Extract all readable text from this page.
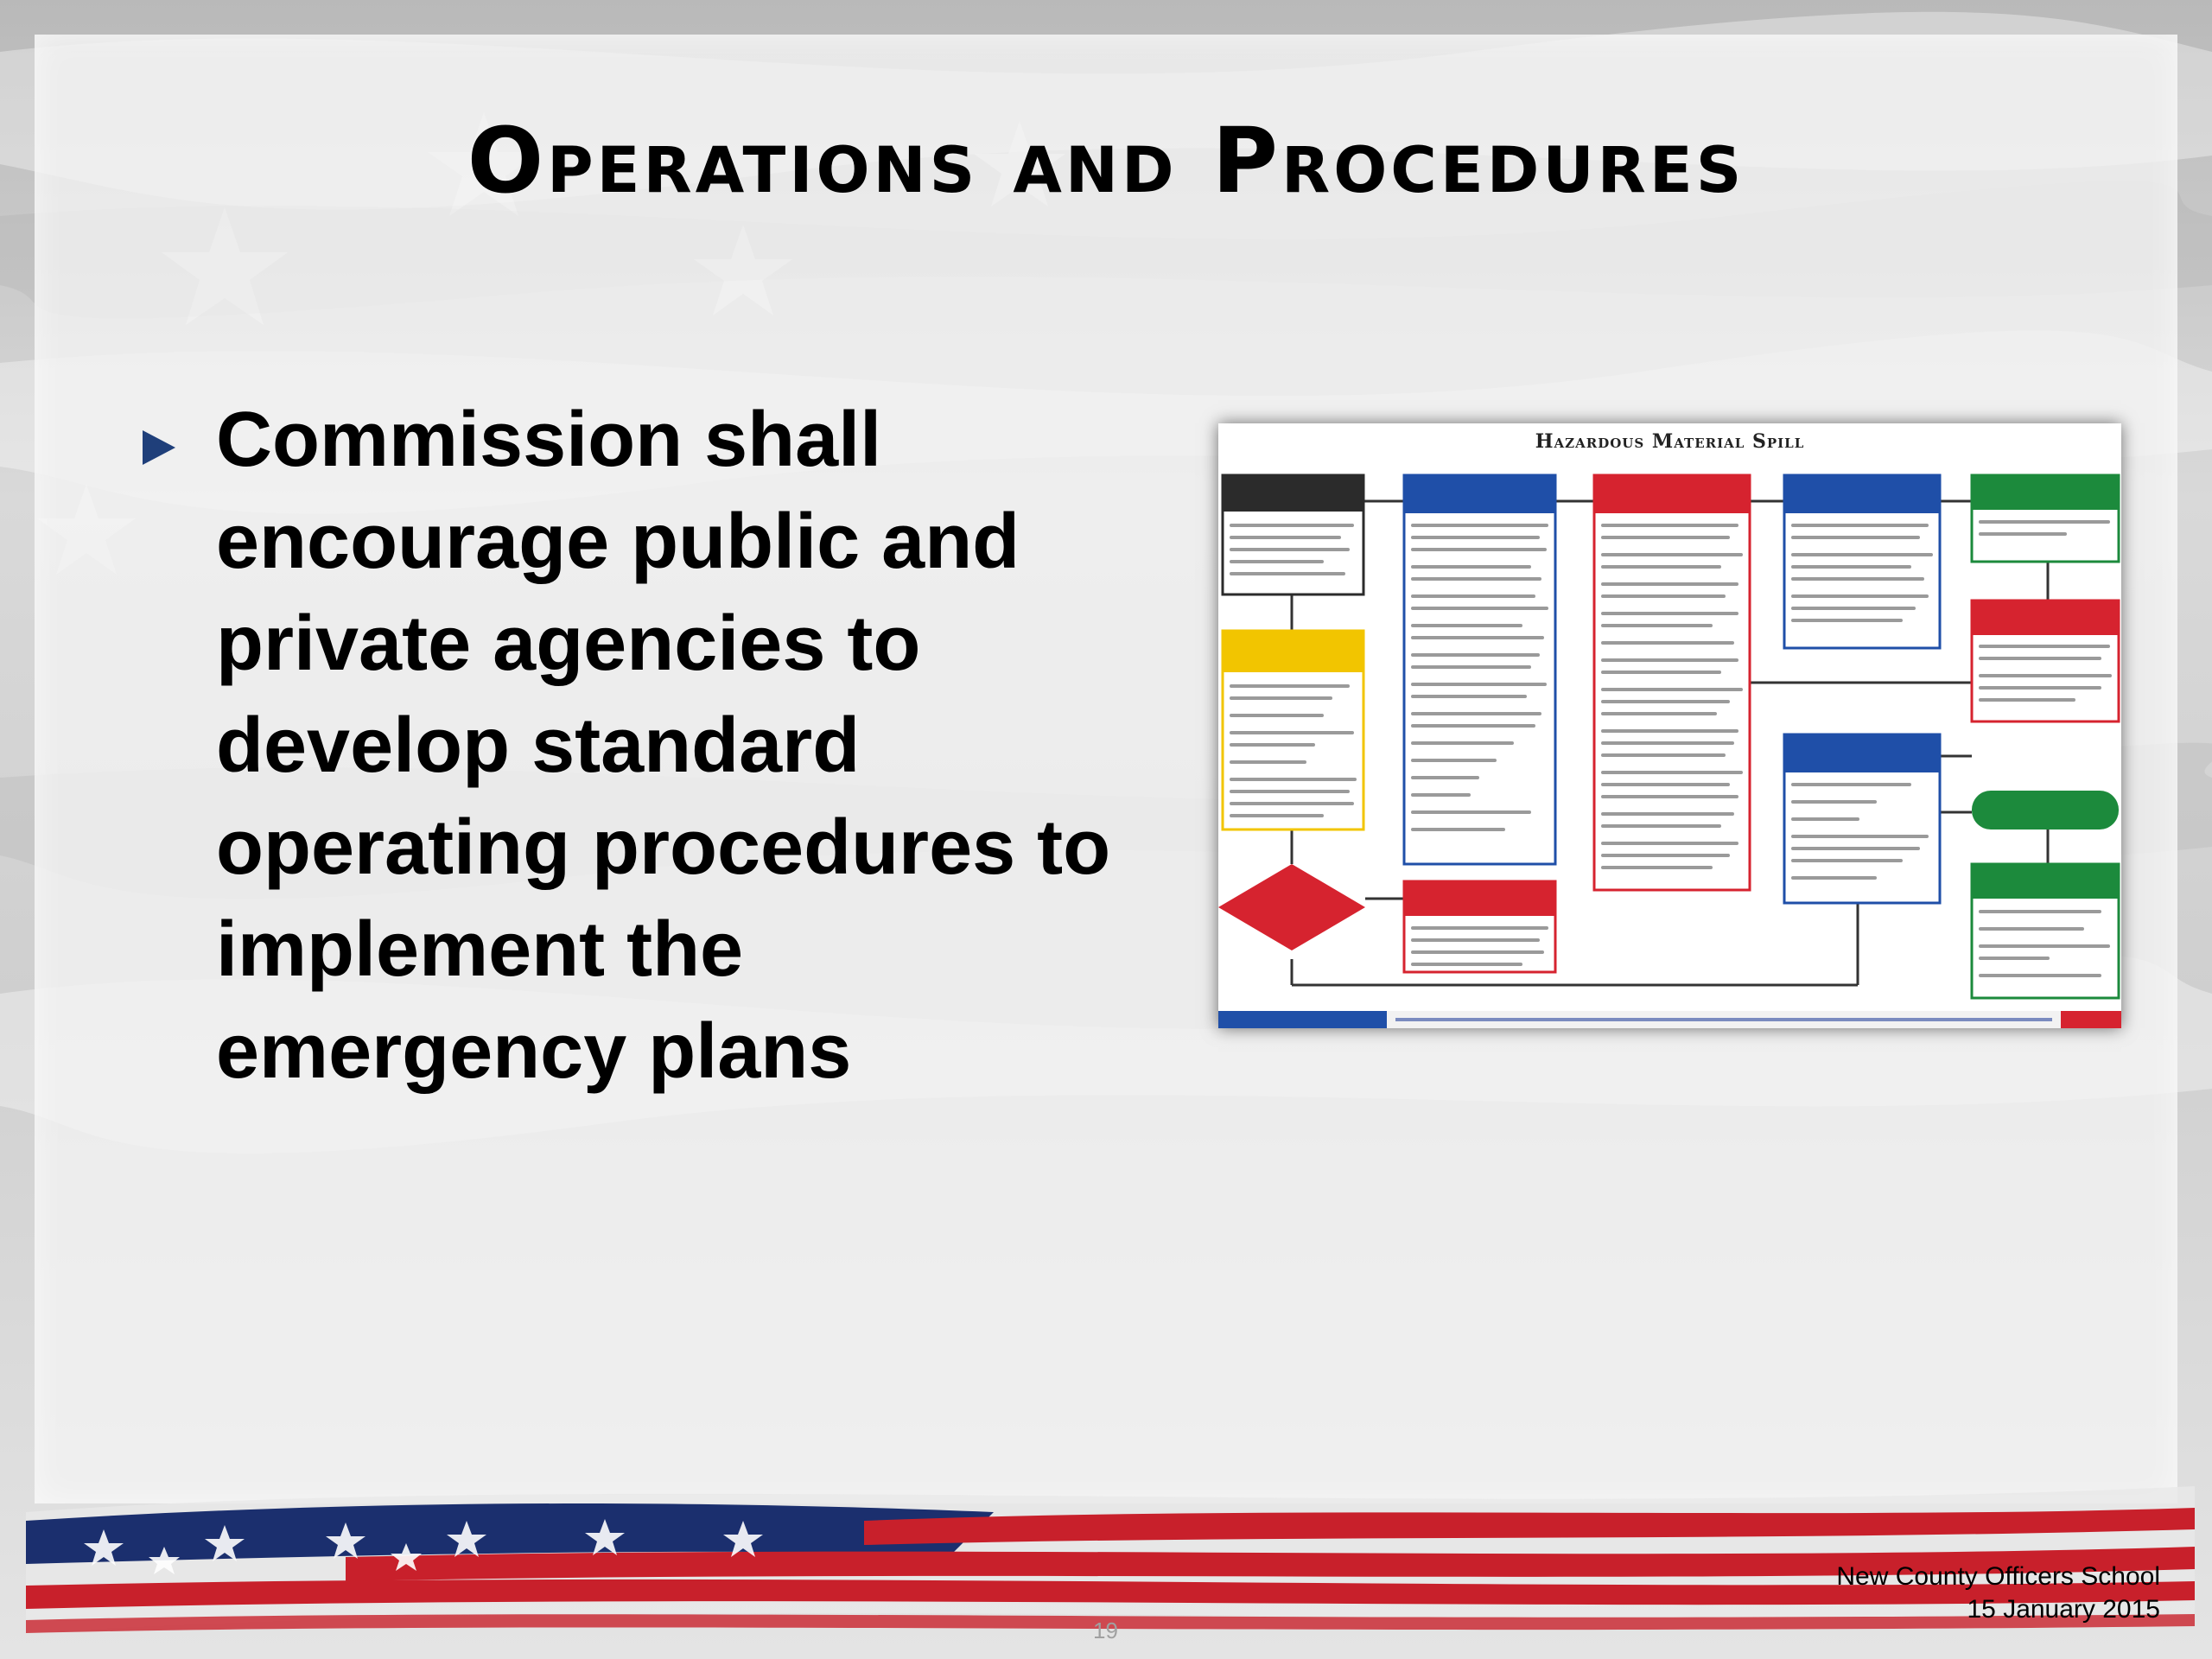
Operations and Procedures

Commission shall encourage public and private agencies to develop standard operating procedures to implement the emergency plans

Hazardous Material Spill
New County Officers School
15 January 2015
19
